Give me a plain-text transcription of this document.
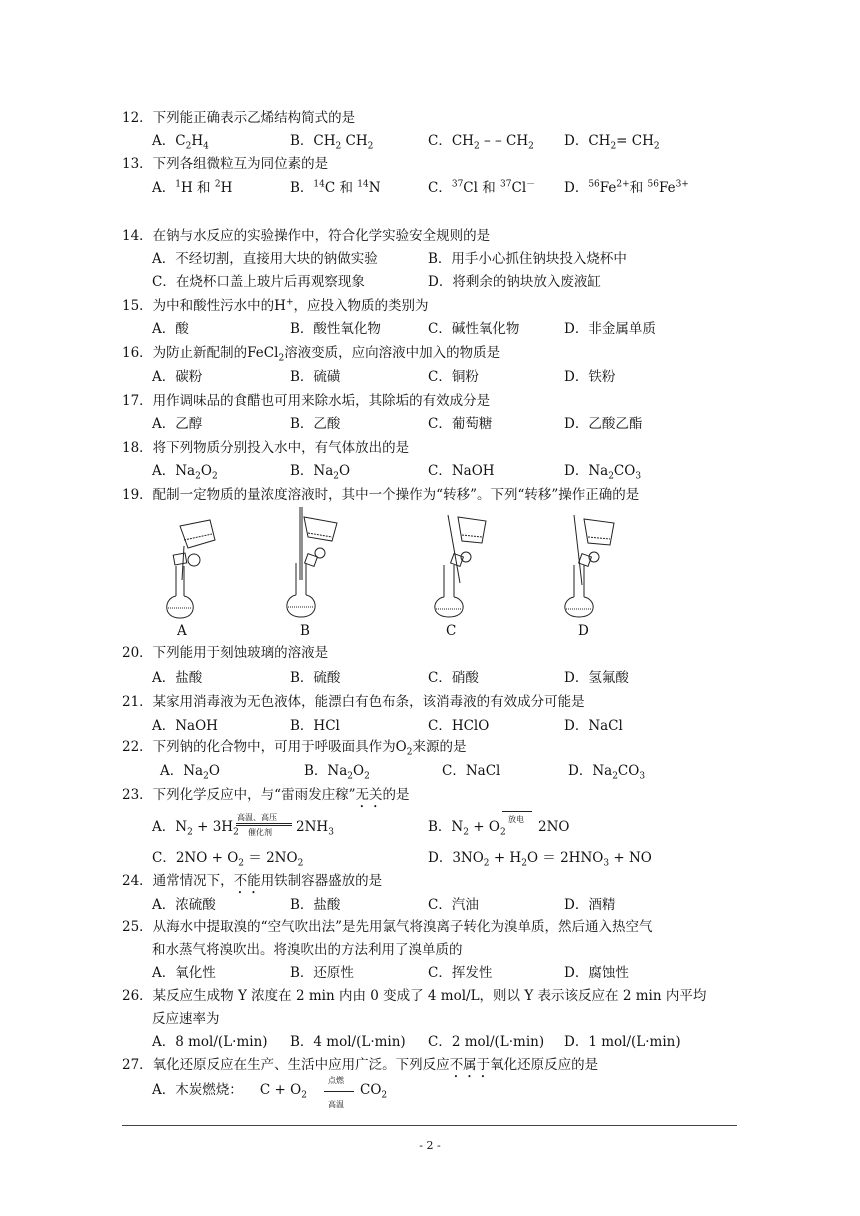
12．下列能正确表示乙烯结构简式的是
A．$C_2H_4$	B．$CH_2$ $CH_2$	C．$CH_2$ – – $CH_2$ D．$CH_2= CH_2$
13．下列各组微粒互为同位素的是
A．$^1$H 和 $^2$H	B．$^{14}$C 和 $^{14}$N	C．$^{37}$Cl 和 $^{37}$Cl－ D．$^{56}Fe^{2+}$和 $^{56}Fe^{3+}$
14．在钠与水反应的实验操作中，符合化学实验安全规则的是
A．不经切割，直接用大块的钠做实验	B．用手小心抓住钠块投入烧杯中
C．在烧杯口盖上玻片后再观察现象	D．将剩余的钠块放入废液缸
15．为中和酸性污水中的H+，应投入物质的类别为
A．酸	B．酸性氧化物	C．碱性氧化物	D．非金属单质
16．为防止新配制的FeCl$_2$溶液变质，应向溶液中加入的物质是
A．碳粉	B．硫磺	C．铜粉	D．铁粉
17．用作调味品的食醋也可用来除水垢，其除垢的有效成分是
A．乙醇	B．乙酸	C．葡萄糖	D．乙酸乙酯
18．将下列物质分别投入水中，有气体放出的是
A．$Na_2O_2$	B．$Na_2O$	C．NaOH	D．$Na_2CO_3$
19．配制一定物质的量浓度溶液时，其中一个操作为“转移”。下列“转移”操作正确的是
A	B	C	D
20．下列能用于刻蚀玻璃的溶液是
A．盐酸	B．硫酸	C．硝酸	D．氢氟酸
21．某家用消毒液为无色液体，能漂白有色布条，该消毒液的有效成分可能是
A．NaOH	B．HCl	C．HClO	D．NaCl
22．下列钠的化合物中，可用于呼吸面具作为$O_2$来源的是
A．$Na_2O$	B．$Na_2O_2$	C．NaCl	D．$Na_2CO_3$
23．下列化学反应中，与“雷雨发庄稼”无关的是
A．$N_2 + 3H_2$
高温、高压
催化剂 $2NH_3$	B．$N_2 + O_2$
放电 2NO
C．$2NO + O_2 = 2NO_2$	D．$3NO_2 + H_2O = 2HNO_3$ + NO
24．通常情况下，不能用铁制容器盛放的是
A．浓硫酸	B．盐酸	C．汽油	D．酒精
25．从海水中提取溴的“空气吹出法”是先用氯气将溴离子转化为溴单质，然后通入热空气
和水蒸气将溴吹出。将溴吹出的方法利用了溴单质的
A．氧化性	B．还原性	C．挥发性	D．腐蚀性
26．某反应生成物 Y 浓度在 2 min 内由 0 变成了 4 mol/L，则以 Y 表示该反应在 2 min 内平均
反应速率为
A．8 mol/(L·min) B．4 mol/(L·min) C．2 mol/(L·min) D．1 mol/(L·min)
27．氧化还原反应在生产、生活中应用广泛。下列反应不属于氧化还原反应的是
A．木炭燃烧：    $C + O_2$
点燃
高温
$CO_2$
- 2 -
